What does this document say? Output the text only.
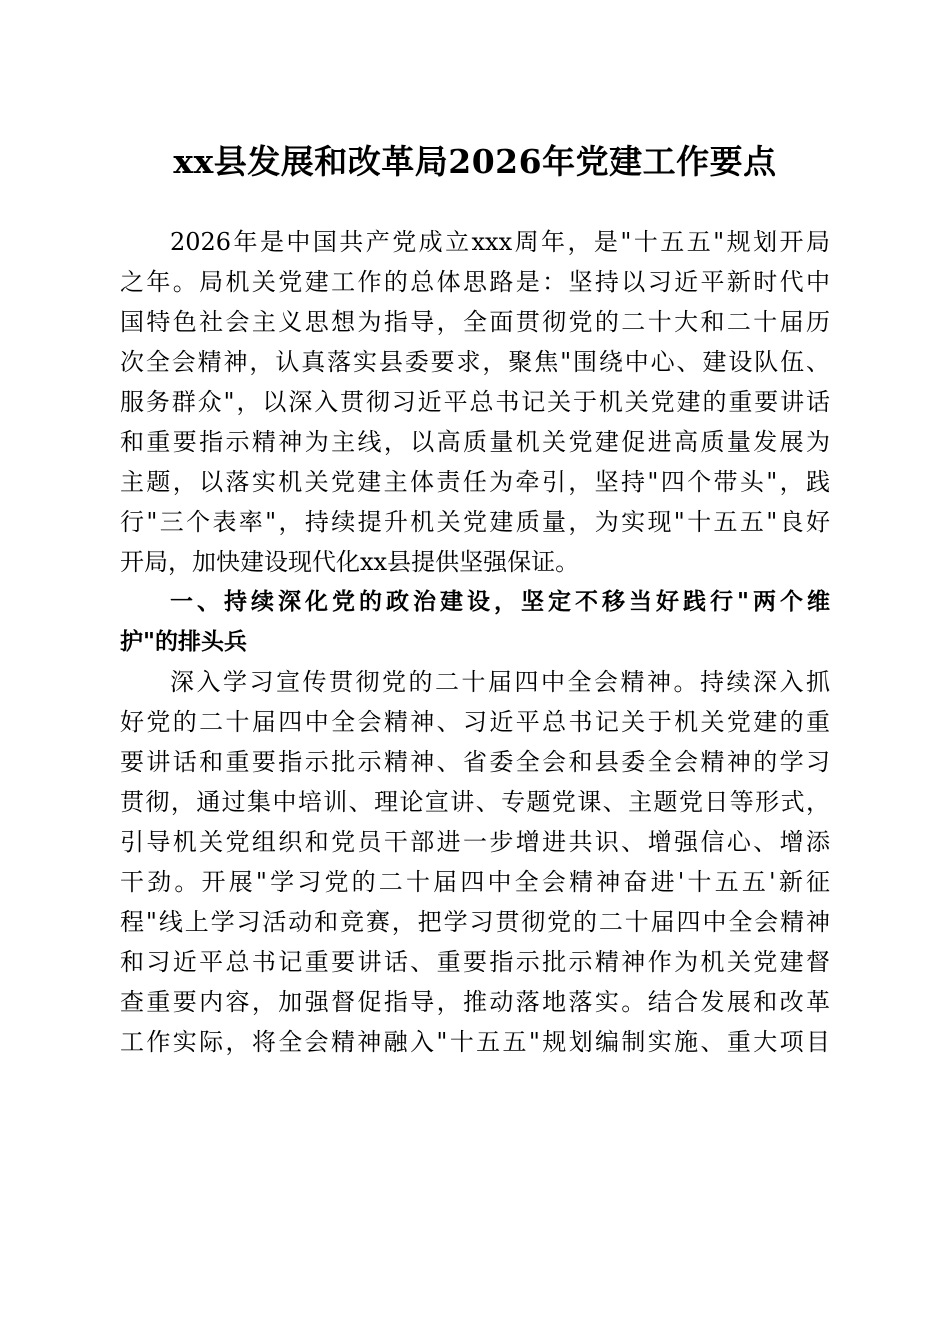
xx县发展和改革局2026年党建工作要点

2026年是中国共产党成立xxx周年，是"十五五"规划开局

之年。局机关党建工作的总体思路是：坚持以习近平新时代中

国特色社会主义思想为指导，全面贯彻党的二十大和二十届历

次全会精神，认真落实县委要求，聚焦"围绕中心、建设队伍、

服务群众"，以深入贯彻习近平总书记关于机关党建的重要讲话

和重要指示精神为主线，以高质量机关党建促进高质量发展为

主题，以落实机关党建主体责任为牵引，坚持"四个带头"，践

行"三个表率"，持续提升机关党建质量，为实现"十五五"良好

开局，加快建设现代化xx县提供坚强保证。

一、持续深化党的政治建设，坚定不移当好践行"两个维

护"的排头兵

深入学习宣传贯彻党的二十届四中全会精神。持续深入抓

好党的二十届四中全会精神、习近平总书记关于机关党建的重

要讲话和重要指示批示精神、省委全会和县委全会精神的学习

贯彻，通过集中培训、理论宣讲、专题党课、主题党日等形式，

引导机关党组织和党员干部进一步增进共识、增强信心、增添

干劲。开展"学习党的二十届四中全会精神奋进'十五五'新征

程"线上学习活动和竞赛，把学习贯彻党的二十届四中全会精神

和习近平总书记重要讲话、重要指示批示精神作为机关党建督

查重要内容，加强督促指导，推动落地落实。结合发展和改革

工作实际，将全会精神融入"十五五"规划编制实施、重大项目
